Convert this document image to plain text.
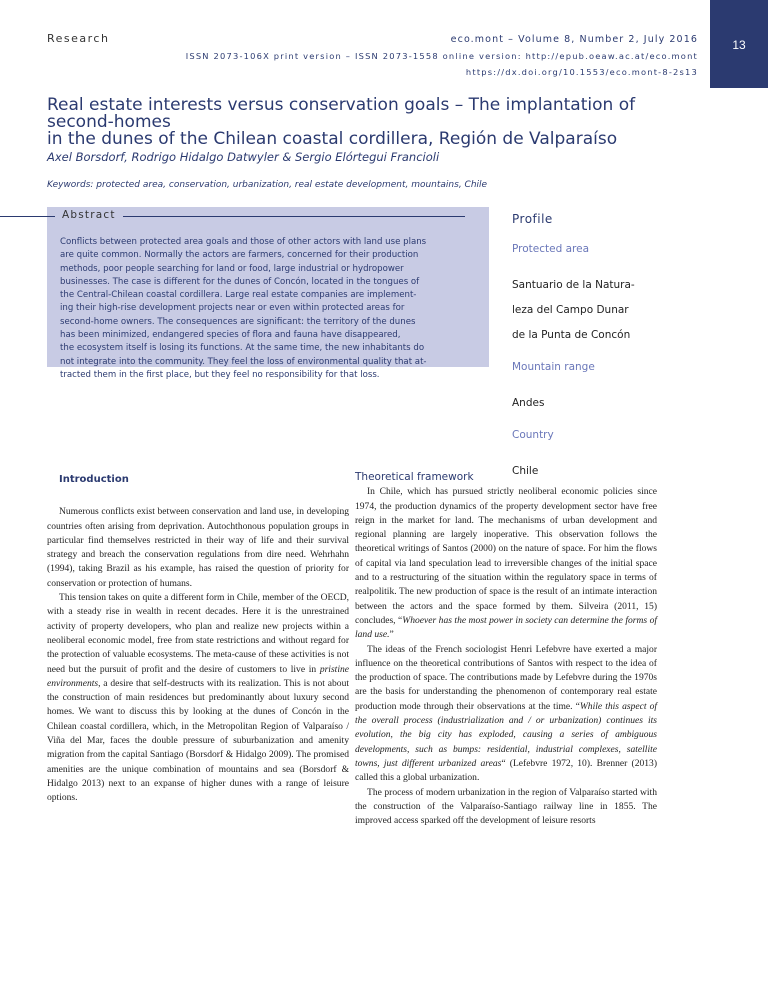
13
Research	eco.mont – Volume 8, Number 2, July 2016
ISSN 2073-106X print version – ISSN 2073-1558 online version: http://epub.oeaw.ac.at/eco.mont
https://dx.doi.org/10.1553/eco.mont-8-2s13
Real estate interests versus conservation goals – The implantation of second-homes
in the dunes of the Chilean coastal cordillera, Región de Valparaíso
Axel Borsdorf, Rodrigo Hidalgo Datwyler & Sergio Elórtegui Francioli
Keywords: protected area, conservation, urbanization, real estate development, mountains, Chile
Abstract
Conflicts between protected area goals and those of other actors with land use plans
are quite common. Normally the actors are farmers, concerned for their production
methods, poor people searching for land or food, large industrial or hydropower
businesses. The case is different for the dunes of Concón, located in the tongues of
the Central-Chilean coastal cordillera. Large real estate companies are implement-
ing their high-rise development projects near or even within protected areas for
second-home owners. The consequences are significant: the territory of the dunes
has been minimized, endangered species of flora and fauna have disappeared,
the ecosystem itself is losing its functions. At the same time, the new inhabitants do
not integrate into the community. They feel the loss of environmental quality that at-
tracted them in the first place, but they feel no responsibility for that loss.
Profile
Protected area
Santuario de la Natura-
leza del Campo Dunar
de la Punta de Concón
Mountain range
Andes
Country
Chile
Introduction

Numerous conflicts exist between conservation and land use, in developing countries often arising from deprivation. Autochthonous population groups in particular find themselves restricted in their way of life and their survival strategy and breach the conservation regulations from dire need. Wehrhahn (1994), taking Brazil as his example, has raised the question of priority for conservation or protection of humans.

This tension takes on quite a different form in Chile, member of the OECD, with a steady rise in wealth in recent decades. Here it is the unrestrained activity of property developers, who plan and realize new projects within a neoliberal economic model, free from state restrictions and without regard for the protection of valuable ecosystems. The meta-cause of these activities is not need but the pursuit of profit and the desire of customers to live in pristine environments, a desire that self-destructs with its realization. This is not about the construction of main residences but predominantly about luxury second homes. We want to discuss this by looking at the dunes of Concón in the Chilean coastal cordillera, which, in the Metropolitan Region of Valparaíso / Viña del Mar, faces the double pressure of suburbanization and amenity migration from the capital Santiago (Borsdorf & Hidalgo 2009). The promised amenities are the unique combination of mountains and sea (Borsdorf & Hidalgo 2013) next to an expanse of higher dunes with a range of leisure options.

Theoretical framework

In Chile, which has pursued strictly neoliberal economic policies since 1974, the production dynamics of the property development sector have free reign in the market for land. The mechanisms of urban development and regional planning are largely inoperative. This observation follows the theoretical writings of Santos (2000) on the nature of space. For him the flows of capital via land speculation lead to irreversible changes of the initial space and to a restructuring of the situation within the regulatory space in terms of realpolitik. The new production of space is the result of an intimate interaction between the actors and the space formed by them. Silveira (2011, 15) concludes, “Whoever has the most power in society can determine the forms of land use.”

The ideas of the French sociologist Henri Lefebvre have exerted a major influence on the theoretical contributions of Santos with respect to the idea of the production of space. The contributions made by Lefebvre during the 1970s are the basis for understanding the phenomenon of contemporary real estate production mode through their observations at the time. “While this aspect of the overall process (industrialization and / or urbanization) continues its evolution, the big city has exploded, causing a series of ambiguous developments, such as bumps: residential, industrial complexes, satellite towns, just different urbanized areas“ (Lefebvre 1972, 10). Brenner (2013) called this a global urbanization.

The process of modern urbanization in the region of Valparaíso started with the construction of the Valparaíso-Santiago railway line in 1855. The improved access sparked off the development of leisure resorts
